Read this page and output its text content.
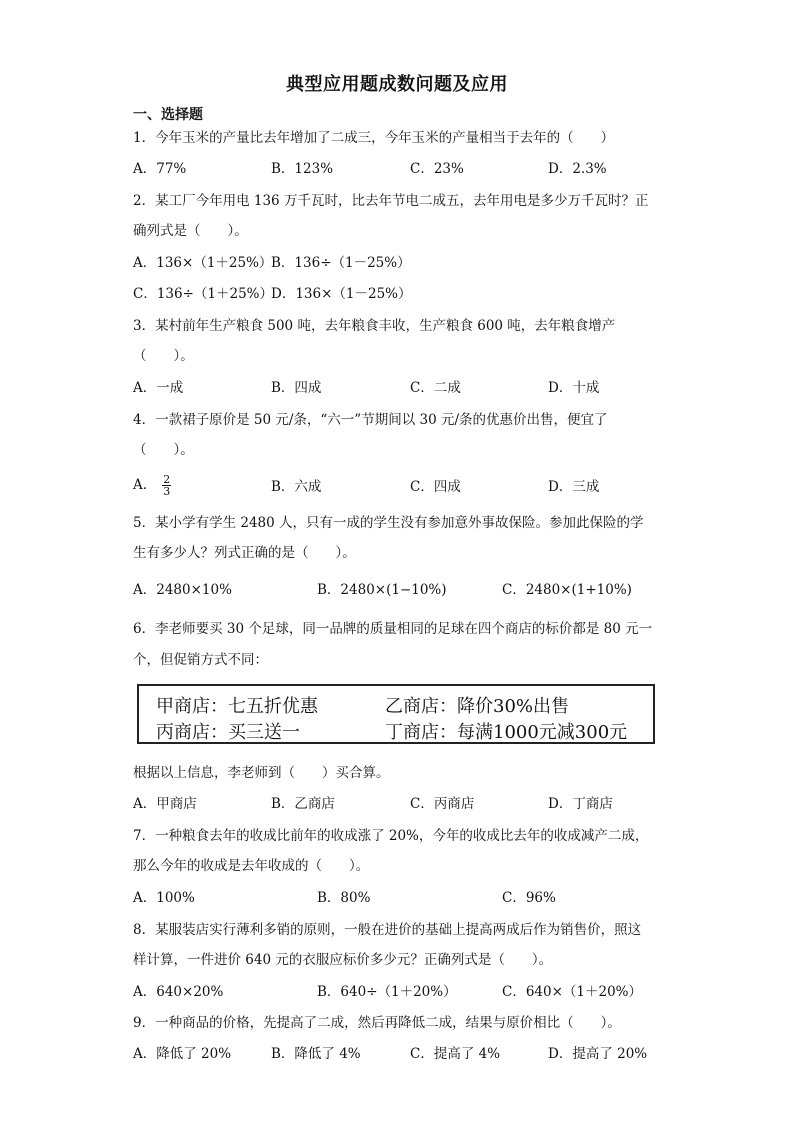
典型应用题成数问题及应用
一、选择题
1．今年玉米的产量比去年增加了二成三，今年玉米的产量相当于去年的（　　）
A．77%	B．123%	C．23%	D．2.3%
2．某工厂今年用电 136 万千瓦时，比去年节电二成五，去年用电是多少万千瓦时？正
确列式是（　　）。
A．136×（1＋25%）
B．136÷（1－25%）
C．136÷（1＋25%）
D．136×（1－25%）
3．某村前年生产粮食 500 吨，去年粮食丰收，生产粮食 600 吨，去年粮食增产
（　　）。
A．一成	B．四成	C．二成	D．十成
4．一款裙子原价是 50 元/条，“六一”节期间以 30 元/条的优惠价出售，便宜了
（　　）。
A． $\frac{2}{3}$	B．六成	C．四成	D．三成
5．某小学有学生 2480 人，只有一成的学生没有参加意外事故保险。参加此保险的学
生有多少人？列式正确的是（　　）。
A．2480×10%	B．2480×(1−10%)	C．2480×(1+10%)
6．李老师要买 30 个足球，同一品牌的质量相同的足球在四个商店的标价都是 80 元一
个，但促销方式不同：
甲商店：七五折优惠	乙商店：降价30%出售
丙商店：买三送一	丁商店：每满1000元减300元
根据以上信息，李老师到（　　）买合算。
A．甲商店	B．乙商店	C．丙商店	D．丁商店
7．一种粮食去年的收成比前年的收成涨了 20%，今年的收成比去年的收成减产二成，
那么今年的收成是去年收成的（　　）。
A．100%	B．80%	C．96%
8．某服装店实行薄利多销的原则，一般在进价的基础上提高两成后作为销售价，照这
样计算，一件进价 640 元的衣服应标价多少元？正确列式是（　　）。
A．640×20%	B．640÷（1＋20%）	C．640×（1＋20%）
9．一种商品的价格，先提高了二成，然后再降低二成，结果与原价相比（　　）。
A．降低了 20%	B．降低了 4%	C．提高了 4%	D．提高了 20%
